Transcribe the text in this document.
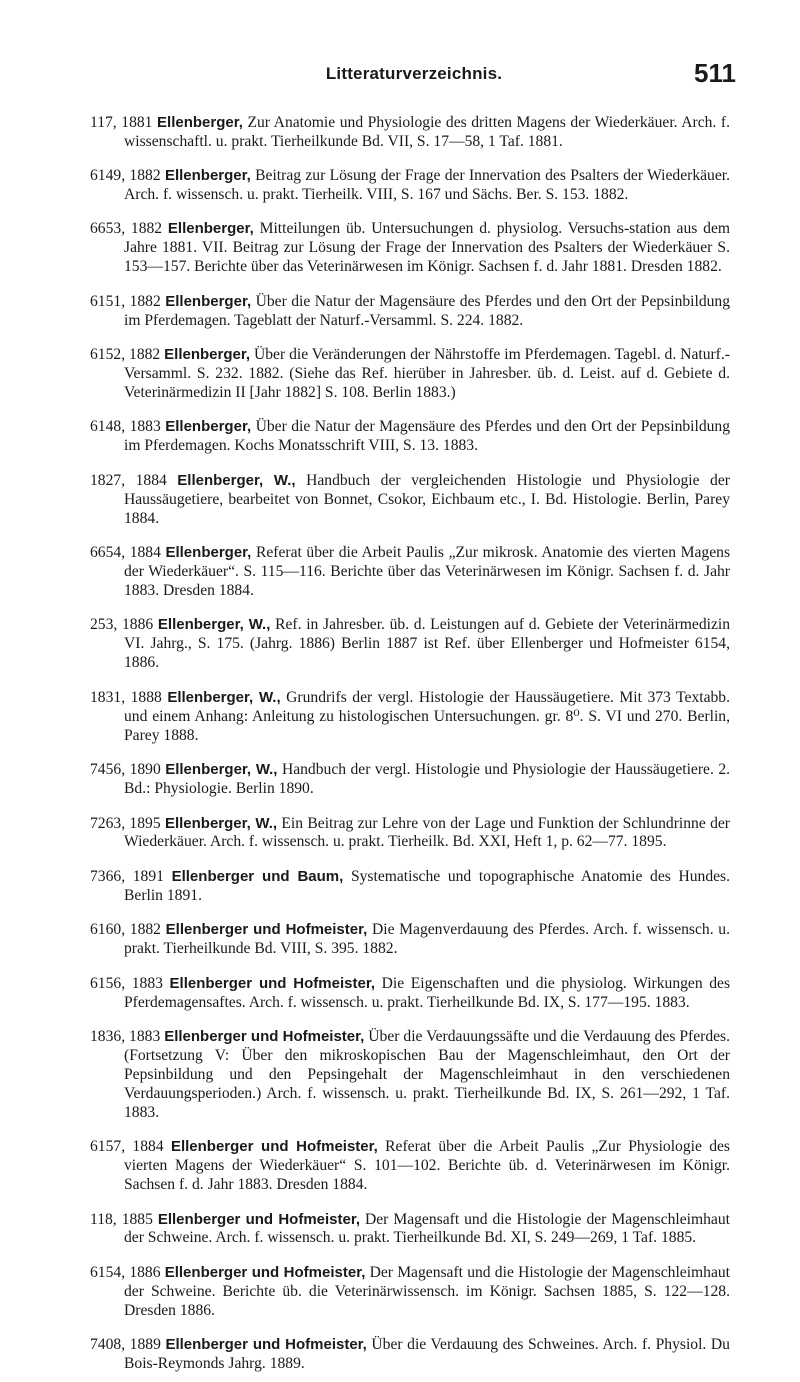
Litteraturverzeichnis.	511

117, 1881 Ellenberger, Zur Anatomie und Physiologie des dritten Magens der Wiederkäuer. Arch. f. wissenschaftl. u. prakt. Tierheilkunde Bd. VII, S. 17—58, 1 Taf. 1881.

6149, 1882 Ellenberger, Beitrag zur Lösung der Frage der Innervation des Psalters der Wiederkäuer. Arch. f. wissensch. u. prakt. Tierheilk. VIII, S. 167 und Sächs. Ber. S. 153. 1882.

6653, 1882 Ellenberger, Mitteilungen üb. Untersuchungen d. physiolog. Versuchs-station aus dem Jahre 1881. VII. Beitrag zur Lösung der Frage der Innervation des Psalters der Wiederkäuer S. 153—157. Berichte über das Veterinärwesen im Königr. Sachsen f. d. Jahr 1881. Dresden 1882.

6151, 1882 Ellenberger, Über die Natur der Magensäure des Pferdes und den Ort der Pepsinbildung im Pferdemagen. Tageblatt der Naturf.-Versamml. S. 224. 1882.

6152, 1882 Ellenberger, Über die Veränderungen der Nährstoffe im Pferdemagen. Tagebl. d. Naturf.-Versamml. S. 232. 1882. (Siehe das Ref. hierüber in Jahresber. üb. d. Leist. auf d. Gebiete d. Veterinärmedizin II [Jahr 1882] S. 108. Berlin 1883.)

6148, 1883 Ellenberger, Über die Natur der Magensäure des Pferdes und den Ort der Pepsinbildung im Pferdemagen. Kochs Monatsschrift VIII, S. 13. 1883.

1827, 1884 Ellenberger, W., Handbuch der vergleichenden Histologie und Physiologie der Haussäugetiere, bearbeitet von Bonnet, Csokor, Eichbaum etc., I. Bd. Histologie. Berlin, Parey 1884.

6654, 1884 Ellenberger, Referat über die Arbeit Paulis „Zur mikrosk. Anatomie des vierten Magens der Wiederkäuer“. S. 115—116. Berichte über das Veterinärwesen im Königr. Sachsen f. d. Jahr 1883. Dresden 1884.

253, 1886 Ellenberger, W., Ref. in Jahresber. üb. d. Leistungen auf d. Gebiete der Veterinärmedizin VI. Jahrg., S. 175. (Jahrg. 1886) Berlin 1887 ist Ref. über Ellenberger und Hofmeister 6154, 1886.

1831, 1888 Ellenberger, W., Grundrifs der vergl. Histologie der Haussäugetiere. Mit 373 Textabb. und einem Anhang: Anleitung zu histologischen Untersuchungen. gr. 8⁰. S. VI und 270. Berlin, Parey 1888.

7456, 1890 Ellenberger, W., Handbuch der vergl. Histologie und Physiologie der Haussäugetiere. 2. Bd.: Physiologie. Berlin 1890.

7263, 1895 Ellenberger, W., Ein Beitrag zur Lehre von der Lage und Funktion der Schlundrinne der Wiederkäuer. Arch. f. wissensch. u. prakt. Tierheilk. Bd. XXI, Heft 1, p. 62—77. 1895.

7366, 1891 Ellenberger und Baum, Systematische und topographische Anatomie des Hundes. Berlin 1891.

6160, 1882 Ellenberger und Hofmeister, Die Magenverdauung des Pferdes. Arch. f. wissensch. u. prakt. Tierheilkunde Bd. VIII, S. 395. 1882.

6156, 1883 Ellenberger und Hofmeister, Die Eigenschaften und die physiolog. Wirkungen des Pferdemagensaftes. Arch. f. wissensch. u. prakt. Tierheilkunde Bd. IX, S. 177—195. 1883.

1836, 1883 Ellenberger und Hofmeister, Über die Verdauungssäfte und die Verdauung des Pferdes. (Fortsetzung V: Über den mikroskopischen Bau der Magenschleimhaut, den Ort der Pepsinbildung und den Pepsingehalt der Magenschleimhaut in den verschiedenen Verdauungsperioden.) Arch. f. wissensch. u. prakt. Tierheilkunde Bd. IX, S. 261—292, 1 Taf. 1883.

6157, 1884 Ellenberger und Hofmeister, Referat über die Arbeit Paulis „Zur Physiologie des vierten Magens der Wiederkäuer“ S. 101—102. Berichte üb. d. Veterinärwesen im Königr. Sachsen f. d. Jahr 1883. Dresden 1884.

118, 1885 Ellenberger und Hofmeister, Der Magensaft und die Histologie der Magenschleimhaut der Schweine. Arch. f. wissensch. u. prakt. Tierheilkunde Bd. XI, S. 249—269, 1 Taf. 1885.

6154, 1886 Ellenberger und Hofmeister, Der Magensaft und die Histologie der Magenschleimhaut der Schweine. Berichte üb. die Veterinärwissensch. im Königr. Sachsen 1885, S. 122—128. Dresden 1886.

7408, 1889 Ellenberger und Hofmeister, Über die Verdauung des Schweines. Arch. f. Physiol. Du Bois-Reymonds Jahrg. 1889.
